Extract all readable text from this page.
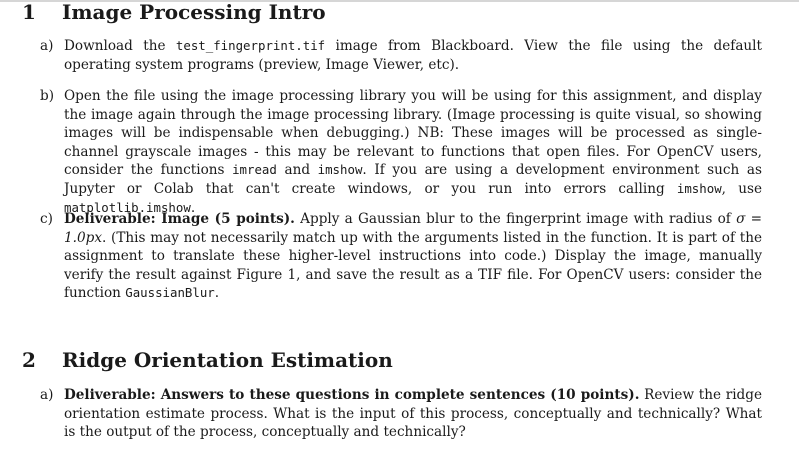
1 Image Processing Intro
a) Download the test_fingerprint.tif image from Blackboard. View the file using the default operating system programs (preview, Image Viewer, etc).
b) Open the file using the image processing library you will be using for this assignment, and display the image again through the image processing library. (Image processing is quite visual, so showing images will be indispensable when debugging.) NB: These images will be processed as single-channel grayscale images - this may be relevant to functions that open files. For OpenCV users, consider the functions imread and imshow. If you are using a development environment such as Jupyter or Colab that can't create windows, or you run into errors calling imshow, use matplotlib.imshow.
c) Deliverable: Image (5 points). Apply a Gaussian blur to the fingerprint image with radius of σ = 1.0px. (This may not necessarily match up with the arguments listed in the function. It is part of the assignment to translate these higher-level instructions into code.) Display the image, manually verify the result against Figure 1, and save the result as a TIF file. For OpenCV users: consider the function GaussianBlur.
2 Ridge Orientation Estimation
a) Deliverable: Answers to these questions in complete sentences (10 points). Review the ridge orientation estimate process. What is the input of this process, conceptually and technically? What is the output of the process, conceptually and technically?
